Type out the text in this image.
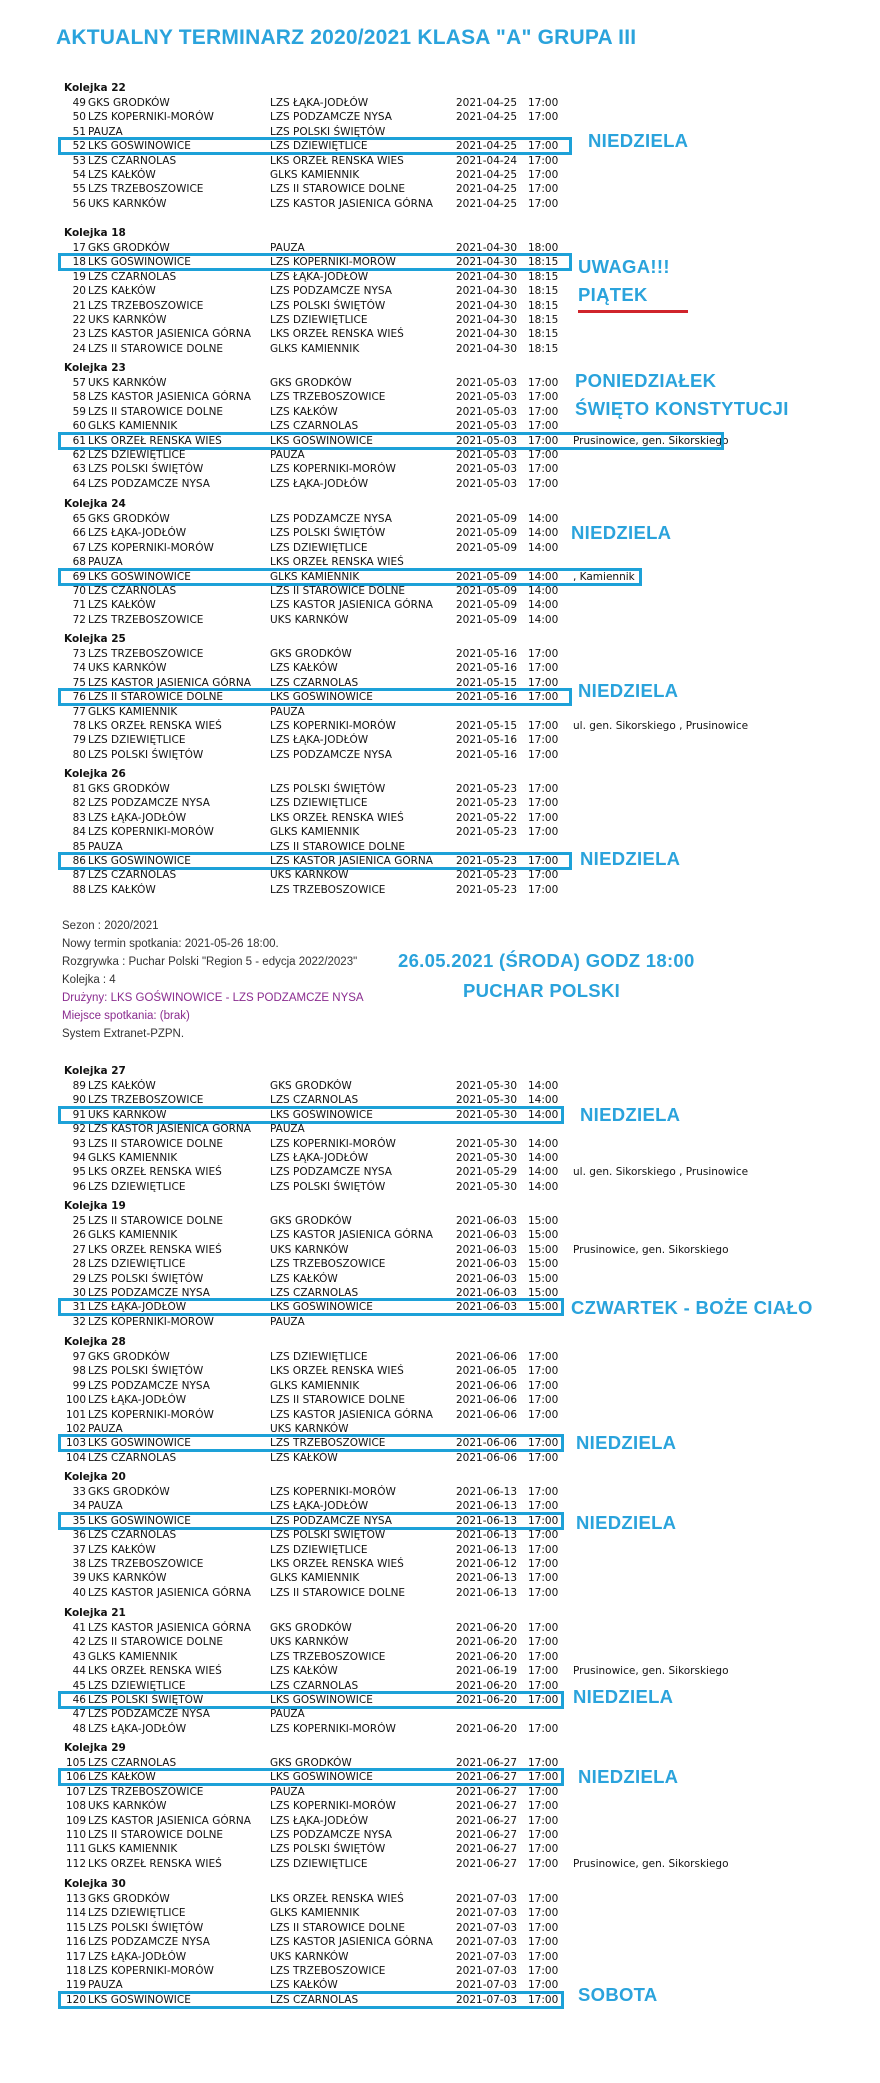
AKTUALNY TERMINARZ 2020/2021 KLASA "A" GRUPA III
Kolejka 22
49 GKS GRODKÓW	LZS ŁĄKA-JODŁÓW	2021-04-25 17:00
50 LZS KOPERNIKI-MORÓW	LZS PODZAMCZE NYSA	2021-04-25 17:00
51 PAUZA	LZS POLSKI ŚWIĘTÓW
52 LKS GOŚWINOWICE	LZS DZIEWIĘTLICE	2021-04-25 17:00
53 LZS CZARNOLAS	LKS ORZEŁ RENSKA WIES	2021-04-24 17:00
54 LZS KAŁKÓW	GLKS KAMIENNIK	2021-04-25 17:00
55 LZS TRZEBOSZOWICE	LZS II STAROWICE DOLNE	2021-04-25 17:00
56 UKS KARNKÓW	LZS KASTOR JASIENICA GÓRNA 2021-04-25 17:00
Kolejka 18
17 GKS GRODKÓW	PAUZA	2021-04-30 18:00
18 LKS GOŚWINOWICE	LZS KOPERNIKI-MORÓW	2021-04-30 18:15
19 LZS CZARNOLAS	LZS ŁĄKA-JODŁÓW	2021-04-30 18:15
20 LZS KAŁKÓW	LZS PODZAMCZE NYSA	2021-04-30 18:15
21 LZS TRZEBOSZOWICE	LZS POLSKI ŚWIĘTÓW	2021-04-30 18:15
22 UKS KARNKÓW	LZS DZIEWIĘTLICE	2021-04-30 18:15
23 LZS KASTOR JASIENICA GÓRNA LKS ORZEŁ RENSKA WIEŚ	2021-04-30 18:15
24 LZS II STAROWICE DOLNE	GLKS KAMIENNIK	2021-04-30 18:15
Kolejka 23
57 UKS KARNKÓW	GKS GRODKÓW	2021-05-03 17:00
58 LZS KASTOR JASIENICA GÓRNA LZS TRZEBOSZOWICE	2021-05-03 17:00
59 LZS II STAROWICE DOLNE	LZS KAŁKÓW	2021-05-03 17:00
60 GLKS KAMIENNIK	LZS CZARNOLAS	2021-05-03 17:00
61 LKS ORZEŁ RENSKA WIEŚ	LKS GOŚWINOWICE	2021-05-03 17:00 Prusinowice, gen. Sikorskiego
62 LZS DZIEWIĘTLICE	PAUZA	2021-05-03 17:00
63 LZS POLSKI ŚWIĘTÓW	LZS KOPERNIKI-MORÓW	2021-05-03 17:00
64 LZS PODZAMCZE NYSA	LZS ŁĄKA-JODŁÓW	2021-05-03 17:00
Kolejka 24
65 GKS GRODKÓW	LZS PODZAMCZE NYSA	2021-05-09 14:00
66 LZS ŁĄKA-JODŁÓW	LZS POLSKI ŚWIĘTÓW	2021-05-09 14:00
67 LZS KOPERNIKI-MORÓW	LZS DZIEWIĘTLICE	2021-05-09 14:00
68 PAUZA	LKS ORZEŁ RENSKA WIEŚ
69 LKS GOŚWINOWICE	GLKS KAMIENNIK	2021-05-09 14:00 , Kamiennik
70 LZS CZARNOLAS	LZS II STAROWICE DOLNE	2021-05-09 14:00
71 LZS KAŁKÓW	LZS KASTOR JASIENICA GÓRNA 2021-05-09 14:00
72 LZS TRZEBOSZOWICE	UKS KARNKÓW	2021-05-09 14:00
Kolejka 25
73 LZS TRZEBOSZOWICE	GKS GRODKÓW	2021-05-16 17:00
74 UKS KARNKÓW	LZS KAŁKÓW	2021-05-16 17:00
75 LZS KASTOR JASIENICA GÓRNA LZS CZARNOLAS	2021-05-15 17:00
76 LZS II STAROWICE DOLNE	LKS GOŚWINOWICE	2021-05-16 17:00
77 GLKS KAMIENNIK	PAUZA
78 LKS ORZEŁ RENSKA WIEŚ	LZS KOPERNIKI-MORÓW	2021-05-15 17:00 ul. gen. Sikorskiego , Prusinowice
79 LZS DZIEWIĘTLICE	LZS ŁĄKA-JODŁÓW	2021-05-16 17:00
80 LZS POLSKI ŚWIĘTÓW	LZS PODZAMCZE NYSA	2021-05-16 17:00
Kolejka 26
81 GKS GRODKÓW	LZS POLSKI ŚWIĘTÓW	2021-05-23 17:00
82 LZS PODZAMCZE NYSA	LZS DZIEWIĘTLICE	2021-05-23 17:00
83 LZS ŁĄKA-JODŁÓW	LKS ORZEŁ RENSKA WIEŚ	2021-05-22 17:00
84 LZS KOPERNIKI-MORÓW	GLKS KAMIENNIK	2021-05-23 17:00
85 PAUZA	LZS II STAROWICE DOLNE
86 LKS GOŚWINOWICE	LZS KASTOR JASIENICA GÓRNA 2021-05-23 17:00
87 LZS CZARNOLAS	UKS KARNKÓW	2021-05-23 17:00
88 LZS KAŁKÓW	LZS TRZEBOSZOWICE	2021-05-23 17:00
Kolejka 27
89 LZS KAŁKÓW	GKS GRODKÓW	2021-05-30 14:00
90 LZS TRZEBOSZOWICE	LZS CZARNOLAS	2021-05-30 14:00
91 UKS KARNKÓW	LKS GOŚWINOWICE	2021-05-30 14:00
92 LZS KASTOR JASIENICA GÓRNA PAUZA
93 LZS II STAROWICE DOLNE	LZS KOPERNIKI-MORÓW	2021-05-30 14:00
94 GLKS KAMIENNIK	LZS ŁĄKA-JODŁÓW	2021-05-30 14:00
95 LKS ORZEŁ RENSKA WIEŚ	LZS PODZAMCZE NYSA	2021-05-29 14:00 ul. gen. Sikorskiego , Prusinowice
96 LZS DZIEWIĘTLICE	LZS POLSKI ŚWIĘTÓW	2021-05-30 14:00
Kolejka 19
25 LZS II STAROWICE DOLNE	GKS GRODKÓW	2021-06-03 15:00
26 GLKS KAMIENNIK	LZS KASTOR JASIENICA GÓRNA 2021-06-03 15:00
27 LKS ORZEŁ RENSKA WIEŚ	UKS KARNKÓW	2021-06-03 15:00 Prusinowice, gen. Sikorskiego
28 LZS DZIEWIĘTLICE	LZS TRZEBOSZOWICE	2021-06-03 15:00
29 LZS POLSKI ŚWIĘTÓW	LZS KAŁKÓW	2021-06-03 15:00
30 LZS PODZAMCZE NYSA	LZS CZARNOLAS	2021-06-03 15:00
31 LZS ŁĄKA-JODŁÓW	LKS GOŚWINOWICE	2021-06-03 15:00
32 LZS KOPERNIKI-MORÓW	PAUZA
Kolejka 28
97 GKS GRODKÓW	LZS DZIEWIĘTLICE	2021-06-06 17:00
98 LZS POLSKI ŚWIĘTÓW	LKS ORZEŁ RENSKA WIEŚ	2021-06-05 17:00
99 LZS PODZAMCZE NYSA	GLKS KAMIENNIK	2021-06-06 17:00
100 LZS ŁĄKA-JODŁÓW	LZS II STAROWICE DOLNE	2021-06-06 17:00
101 LZS KOPERNIKI-MORÓW	LZS KASTOR JASIENICA GÓRNA 2021-06-06 17:00
102 PAUZA	UKS KARNKÓW
103 LKS GOŚWINOWICE	LZS TRZEBOSZOWICE	2021-06-06 17:00
104 LZS CZARNOLAS	LZS KAŁKÓW	2021-06-06 17:00
Kolejka 20
33 GKS GRODKÓW	LZS KOPERNIKI-MORÓW	2021-06-13 17:00
34 PAUZA	LZS ŁĄKA-JODŁÓW	2021-06-13 17:00
35 LKS GOŚWINOWICE	LZS PODZAMCZE NYSA	2021-06-13 17:00
36 LZS CZARNOLAS	LZS POLSKI ŚWIĘTÓW	2021-06-13 17:00
37 LZS KAŁKÓW	LZS DZIEWIĘTLICE	2021-06-13 17:00
38 LZS TRZEBOSZOWICE	LKS ORZEŁ RENSKA WIEŚ	2021-06-12 17:00
39 UKS KARNKÓW	GLKS KAMIENNIK	2021-06-13 17:00
40 LZS KASTOR JASIENICA GÓRNA LZS II STAROWICE DOLNE	2021-06-13 17:00
Kolejka 21
41 LZS KASTOR JASIENICA GÓRNA GKS GRODKÓW	2021-06-20 17:00
42 LZS II STAROWICE DOLNE	UKS KARNKÓW	2021-06-20 17:00
43 GLKS KAMIENNIK	LZS TRZEBOSZOWICE	2021-06-20 17:00
44 LKS ORZEŁ RENSKA WIEŚ	LZS KAŁKÓW	2021-06-19 17:00 Prusinowice, gen. Sikorskiego
45 LZS DZIEWIĘTLICE	LZS CZARNOLAS	2021-06-20 17:00
46 LZS POLSKI ŚWIĘTÓW	LKS GOŚWINOWICE	2021-06-20 17:00
47 LZS PODZAMCZE NYSA	PAUZA
48 LZS ŁĄKA-JODŁÓW	LZS KOPERNIKI-MORÓW	2021-06-20 17:00
Kolejka 29
105 LZS CZARNOLAS	GKS GRODKÓW	2021-06-27 17:00
106 LZS KAŁKÓW	LKS GOŚWINOWICE	2021-06-27 17:00
107 LZS TRZEBOSZOWICE	PAUZA	2021-06-27 17:00
108 UKS KARNKÓW	LZS KOPERNIKI-MORÓW	2021-06-27 17:00
109 LZS KASTOR JASIENICA GÓRNA LZS ŁĄKA-JODŁÓW	2021-06-27 17:00
110 LZS II STAROWICE DOLNE	LZS PODZAMCZE NYSA	2021-06-27 17:00
111 GLKS KAMIENNIK	LZS POLSKI ŚWIĘTÓW	2021-06-27 17:00
112 LKS ORZEŁ RENSKA WIEŚ	LZS DZIEWIĘTLICE	2021-06-27 17:00 Prusinowice, gen. Sikorskiego
Kolejka 30
113 GKS GRODKÓW	LKS ORZEŁ RENSKA WIEŚ	2021-07-03 17:00
114 LZS DZIEWIĘTLICE	GLKS KAMIENNIK	2021-07-03 17:00
115 LZS POLSKI ŚWIĘTÓW	LZS II STAROWICE DOLNE	2021-07-03 17:00
116 LZS PODZAMCZE NYSA	LZS KASTOR JASIENICA GÓRNA 2021-07-03 17:00
117 LZS ŁĄKA-JODŁÓW	UKS KARNKÓW	2021-07-03 17:00
118 LZS KOPERNIKI-MORÓW	LZS TRZEBOSZOWICE	2021-07-03 17:00
119 PAUZA	LZS KAŁKÓW	2021-07-03 17:00
120 LKS GOŚWINOWICE	LZS CZARNOLAS	2021-07-03 17:00
Sezon : 2020/2021
Nowy termin spotkania: 2021-05-26 18:00.
Rozgrywka : Puchar Polski "Region 5 - edycja 2022/2023"
Kolejka : 4
Drużyny: LKS GOŚWINOWICE - LZS PODZAMCZE NYSA
Miejsce spotkania: (brak)
System Extranet-PZPN.
NIEDZIELA
UWAGA!!!
PIĄTEK
PONIEDZIAŁEK
ŚWIĘTO KONSTYTUCJI
NIEDZIELA
NIEDZIELA
NIEDZIELA
26.05.2021 (ŚRODA) GODZ 18:00
PUCHAR POLSKI
NIEDZIELA
CZWARTEK - BOŻE CIAŁO
NIEDZIELA
NIEDZIELA
NIEDZIELA
NIEDZIELA
SOBOTA
